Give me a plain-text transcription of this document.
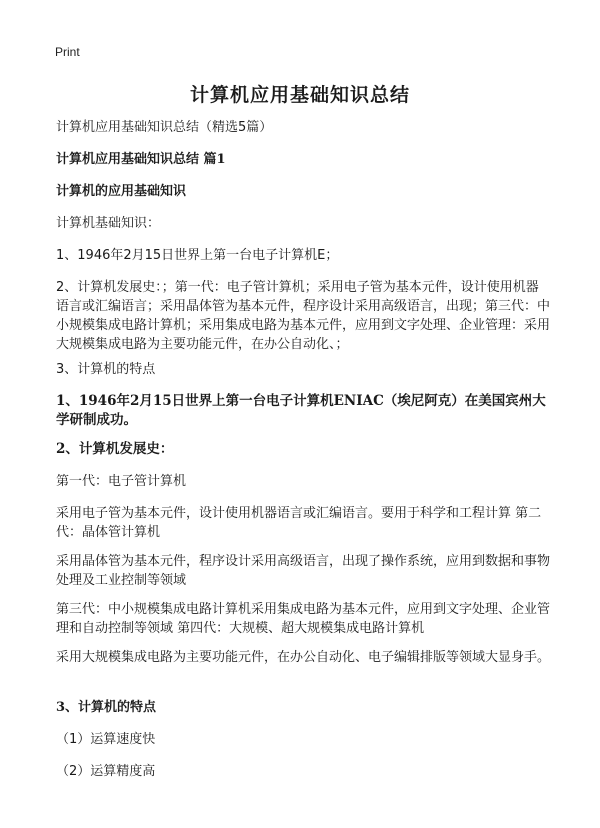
Print
计算机应用基础知识总结

计算机应用基础知识总结（精选5篇）

计算机应用基础知识总结 篇1

计算机的应用基础知识

计算机基础知识：

1、1946年2月15日世界上第一台电子计算机E；

2、计算机发展史：；第一代：电子管计算机；采用电子管为基本元件，设计使用机器语言或汇编语言；采用晶体管为基本元件，程序设计采用高级语言，出现；第三代：中小规模集成电路计算机；采用集成电路为基本元件，应用到文字处理、企业管理：采用大规模集成电路为主要功能元件，在办公自动化、；

3、计算机的特点

1、1946年2月15日世界上第一台电子计算机ENIAC（埃尼阿克）在美国宾州大学研制成功。

2、计算机发展史：

第一代：电子管计算机

采用电子管为基本元件，设计使用机器语言或汇编语言。要用于科学和工程计算 第二代：晶体管计算机

采用晶体管为基本元件，程序设计采用高级语言，出现了操作系统，应用到数据和事物处理及工业控制等领域

第三代：中小规模集成电路计算机采用集成电路为基本元件，应用到文字处理、企业管理和自动控制等领域 第四代：大规模、超大规模集成电路计算机

采用大规模集成电路为主要功能元件，在办公自动化、电子编辑排版等领域大显身手。

3、计算机的特点

（1）运算速度快

（2）运算精度高
